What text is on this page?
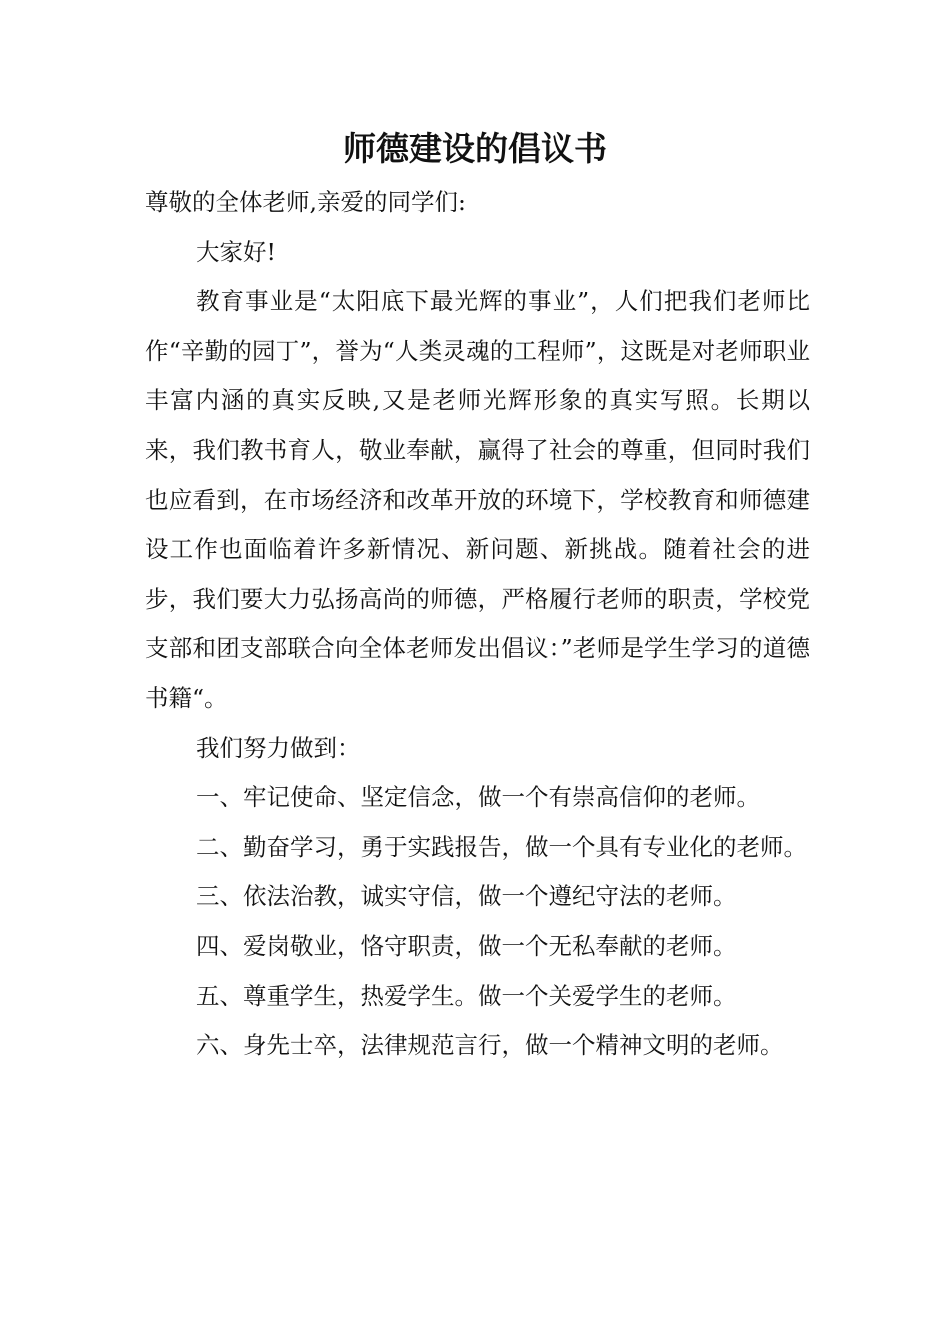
师德建设的倡议书

尊敬的全体老师,亲爱的同学们:

大家好!

教育事业是“太阳底下最光辉的事业”，人们把我们老师比作“辛勤的园丁”，誉为“人类灵魂的工程师”，这既是对老师职业丰富内涵的真实反映,又是老师光辉形象的真实写照。长期以来，我们教书育人，敬业奉献，赢得了社会的尊重，但同时我们也应看到，在市场经济和改革开放的环境下，学校教育和师德建设工作也面临着许多新情况、新问题、新挑战。随着社会的进步，我们要大力弘扬高尚的师德，严格履行老师的职责，学校党支部和团支部联合向全体老师发出倡议：”老师是学生学习的道德书籍“。

我们努力做到：

一、牢记使命、坚定信念，做一个有崇高信仰的老师。

二、勤奋学习，勇于实践报告，做一个具有专业化的老师。

三、依法治教，诚实守信，做一个遵纪守法的老师。

四、爱岗敬业，恪守职责，做一个无私奉献的老师。

五、尊重学生，热爱学生。做一个关爱学生的老师。

六、身先士卒，法律规范言行，做一个精神文明的老师。
